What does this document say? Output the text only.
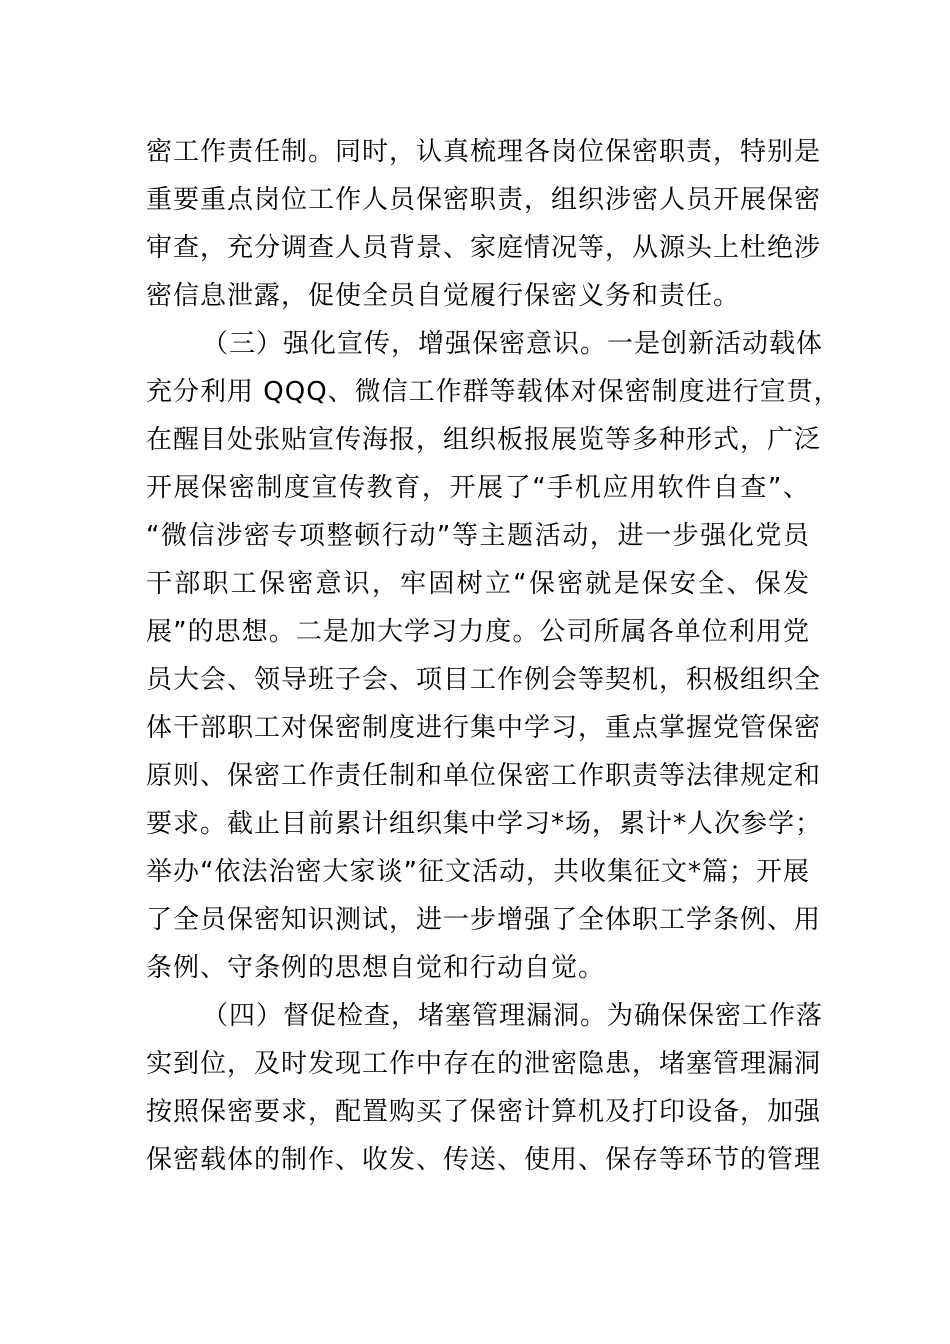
密工作责任制。同时，认真梳理各岗位保密职责，特别是
重要重点岗位工作人员保密职责，组织涉密人员开展保密
审查，充分调查人员背景、家庭情况等，从源头上杜绝涉
密信息泄露，促使全员自觉履行保密义务和责任。
（三）强化宣传，增强保密意识。一是创新活动载体
充分利用 QQQ、微信工作群等载体对保密制度进行宣贯，
在醒目处张贴宣传海报，组织板报展览等多种形式，广泛
开展保密制度宣传教育，开展了“手机应用软件自查”、
“微信涉密专项整顿行动”等主题活动，进一步强化党员
干部职工保密意识，牢固树立“保密就是保安全、保发
展”的思想。二是加大学习力度。公司所属各单位利用党
员大会、领导班子会、项目工作例会等契机，积极组织全
体干部职工对保密制度进行集中学习，重点掌握党管保密
原则、保密工作责任制和单位保密工作职责等法律规定和
要求。截止目前累计组织集中学习*场，累计*人次参学；
举办“依法治密大家谈”征文活动，共收集征文*篇；开展
了全员保密知识测试，进一步增强了全体职工学条例、用
条例、守条例的思想自觉和行动自觉。
（四）督促检查，堵塞管理漏洞。为确保保密工作落
实到位，及时发现工作中存在的泄密隐患，堵塞管理漏洞
按照保密要求，配置购买了保密计算机及打印设备，加强
保密载体的制作、收发、传送、使用、保存等环节的管理
